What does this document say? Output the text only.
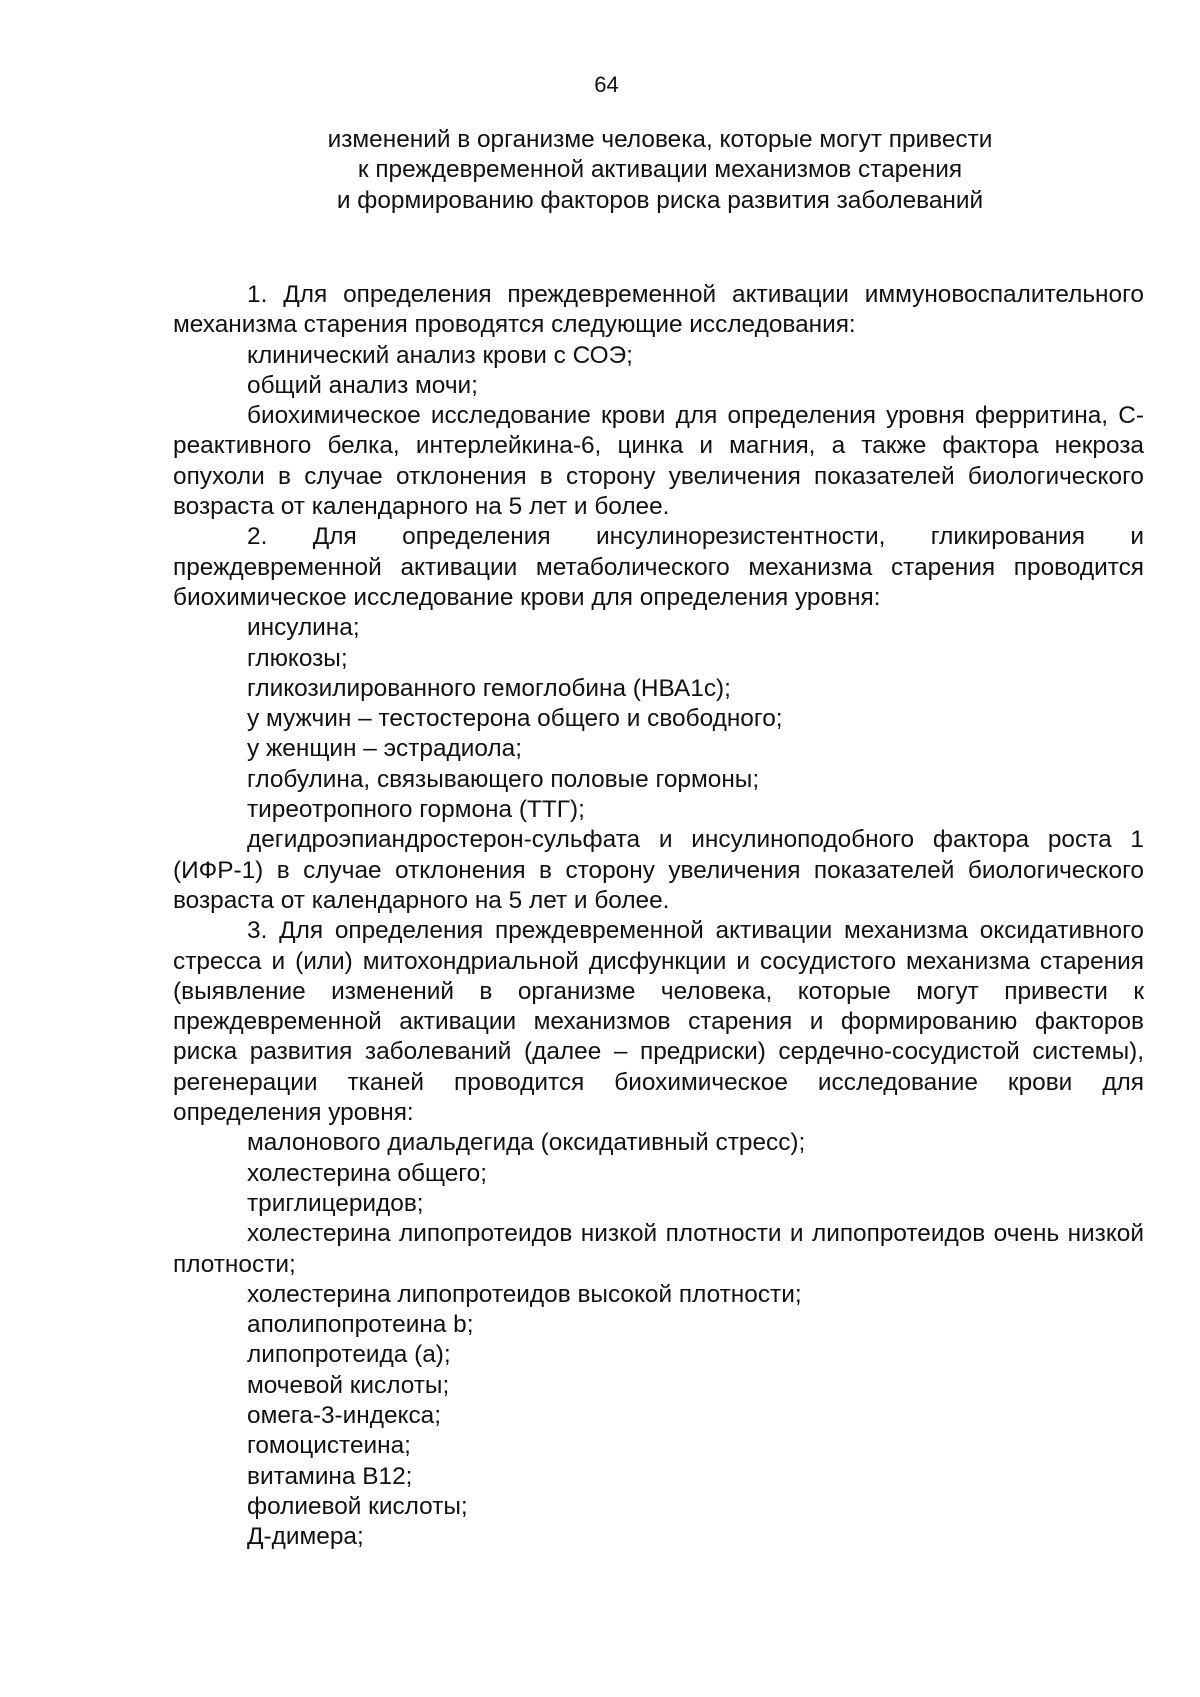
64
изменений в организме человека, которые могут привести
к преждевременной активации механизмов старения
и формированию факторов риска развития заболеваний

1. Для определения преждевременной активации иммуновоспалительного механизма старения проводятся следующие исследования:

клинический анализ крови с СОЭ;

общий анализ мочи;

биохимическое исследование крови для определения уровня ферритина, С-реактивного белка, интерлейкина-6, цинка и магния, а также фактора некроза опухоли в случае отклонения в сторону увеличения показателей биологического возраста от календарного на 5 лет и более.

2. Для определения инсулинорезистентности, гликирования и преждевременной активации метаболического механизма старения проводится биохимическое исследование крови для определения уровня:

инсулина;

глюкозы;

гликозилированного гемоглобина (НВА1с);

у мужчин – тестостерона общего и свободного;

у женщин – эстрадиола;

глобулина, связывающего половые гормоны;

тиреотропного гормона (ТТГ);

дегидроэпиандростерон-сульфата и инсулиноподобного фактора роста 1 (ИФР-1) в случае отклонения в сторону увеличения показателей биологического возраста от календарного на 5 лет и более.

3. Для определения преждевременной активации механизма оксидативного стресса и (или) митохондриальной дисфункции и сосудистого механизма старения (выявление изменений в организме человека, которые могут привести к преждевременной активации механизмов старения и формированию факторов риска развития заболеваний (далее – предриски) сердечно-сосудистой системы), регенерации тканей проводится биохимическое исследование крови для определения уровня:

малонового диальдегида (оксидативный стресс);

холестерина общего;

триглицеридов;

холестерина липопротеидов низкой плотности и липопротеидов очень низкой плотности;

холестерина липопротеидов высокой плотности;

аполипопротеина b;

липопротеида (а);

мочевой кислоты;

омега-3-индекса;

гомоцистеина;

витамина В12;

фолиевой кислоты;

Д-димера;
